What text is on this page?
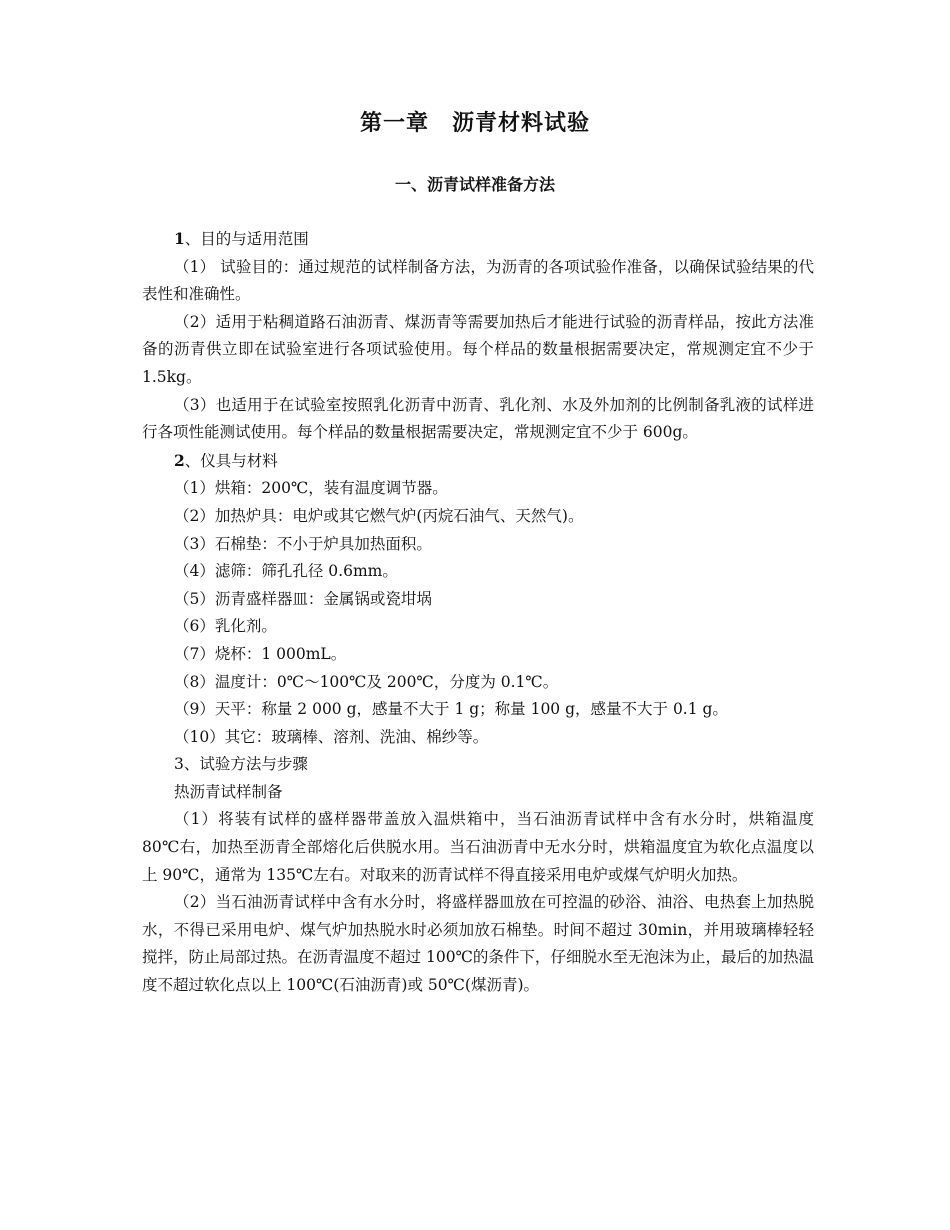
第一章　沥青材料试验
一、沥青试样准备方法

1、目的与适用范围

（1） 试验目的：通过规范的试样制备方法，为沥青的各项试验作准备，以确保试验结果的代表性和准确性。

（2）适用于粘稠道路石油沥青、煤沥青等需要加热后才能进行试验的沥青样品，按此方法准备的沥青供立即在试验室进行各项试验使用。每个样品的数量根据需要决定，常规测定宜不少于 1.5kg。

（3）也适用于在试验室按照乳化沥青中沥青、乳化剂、水及外加剂的比例制备乳液的试样进行各项性能测试使用。每个样品的数量根据需要决定，常规测定宜不少于 600g。

2、仪具与材料

（1）烘箱：200℃，装有温度调节器。

（2）加热炉具：电炉或其它燃气炉(丙烷石油气、天然气)。

（3）石棉垫：不小于炉具加热面积。

（4）滤筛：筛孔孔径 0.6mm。

（5）沥青盛样器皿：金属锅或瓷坩埚

（6）乳化剂。

（7）烧杯：1 000mL。

（8）温度计：0℃～100℃及 200℃，分度为 0.1℃。

（9）天平：称量 2 000 g，感量不大于 1 g；称量 100 g，感量不大于 0.1 g。

（10）其它：玻璃棒、溶剂、洗油、棉纱等。

3、试验方法与步骤

热沥青试样制备

（1）将装有试样的盛样器带盖放入温烘箱中，当石油沥青试样中含有水分时，烘箱温度 80℃右，加热至沥青全部熔化后供脱水用。当石油沥青中无水分时，烘箱温度宜为软化点温度以上 90℃，通常为 135℃左右。对取来的沥青试样不得直接采用电炉或煤气炉明火加热。

（2）当石油沥青试样中含有水分时，将盛样器皿放在可控温的砂浴、油浴、电热套上加热脱水，不得已采用电炉、煤气炉加热脱水时必须加放石棉垫。时间不超过 30min，并用玻璃棒轻轻搅拌，防止局部过热。在沥青温度不超过 100℃的条件下，仔细脱水至无泡沫为止，最后的加热温度不超过软化点以上 100℃(石油沥青)或 50℃(煤沥青)。
